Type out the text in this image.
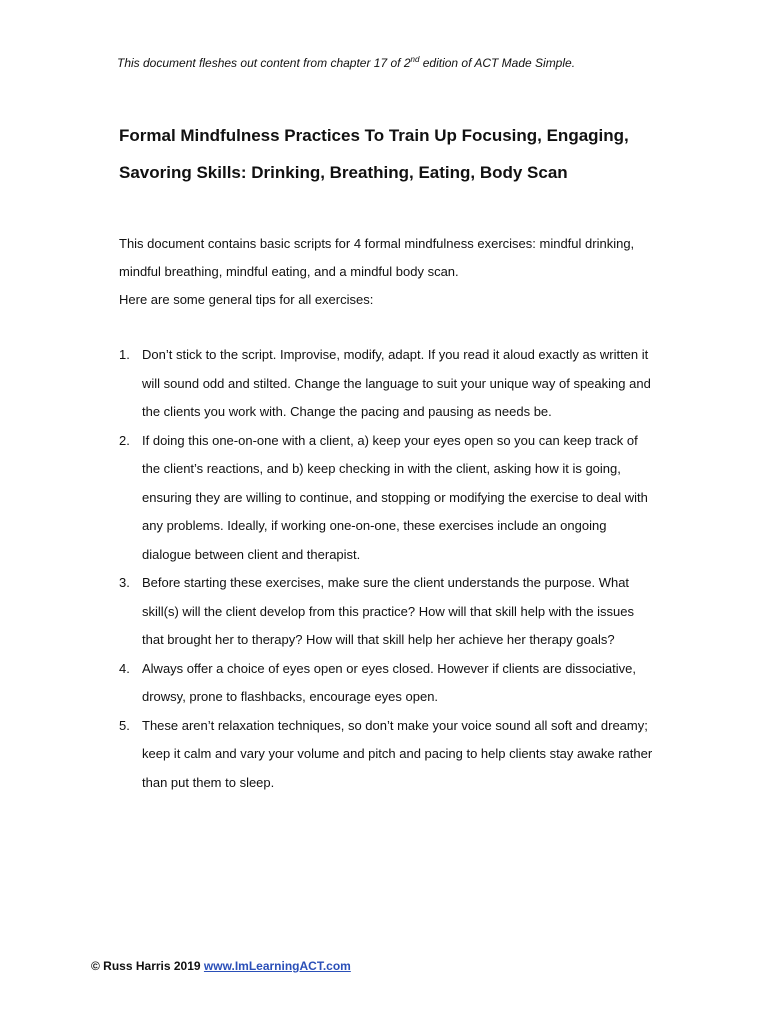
This document fleshes out content from chapter 17 of 2nd edition of ACT Made Simple.
Formal Mindfulness Practices To Train Up Focusing, Engaging, Savoring Skills: Drinking, Breathing, Eating, Body Scan

This document contains basic scripts for 4 formal mindfulness exercises: mindful drinking, mindful breathing, mindful eating, and a mindful body scan.

Here are some general tips for all exercises:

1. Don’t stick to the script. Improvise, modify, adapt. If you read it aloud exactly as written it will sound odd and stilted. Change the language to suit your unique way of speaking and the clients you work with. Change the pacing and pausing as needs be.
2. If doing this one-on-one with a client, a) keep your eyes open so you can keep track of the client’s reactions, and b) keep checking in with the client, asking how it is going, ensuring they are willing to continue, and stopping or modifying the exercise to deal with any problems. Ideally, if working one-on-one, these exercises include an ongoing dialogue between client and therapist.
3. Before starting these exercises, make sure the client understands the purpose. What skill(s) will the client develop from this practice? How will that skill help with the issues that brought her to therapy? How will that skill help her achieve her therapy goals?
4. Always offer a choice of eyes open or eyes closed. However if clients are dissociative, drowsy, prone to flashbacks, encourage eyes open.
5. These aren’t relaxation techniques, so don’t make your voice sound all soft and dreamy; keep it calm and vary your volume and pitch and pacing to help clients stay awake rather than put them to sleep.
© Russ Harris 2019 www.ImLearningACT.com
